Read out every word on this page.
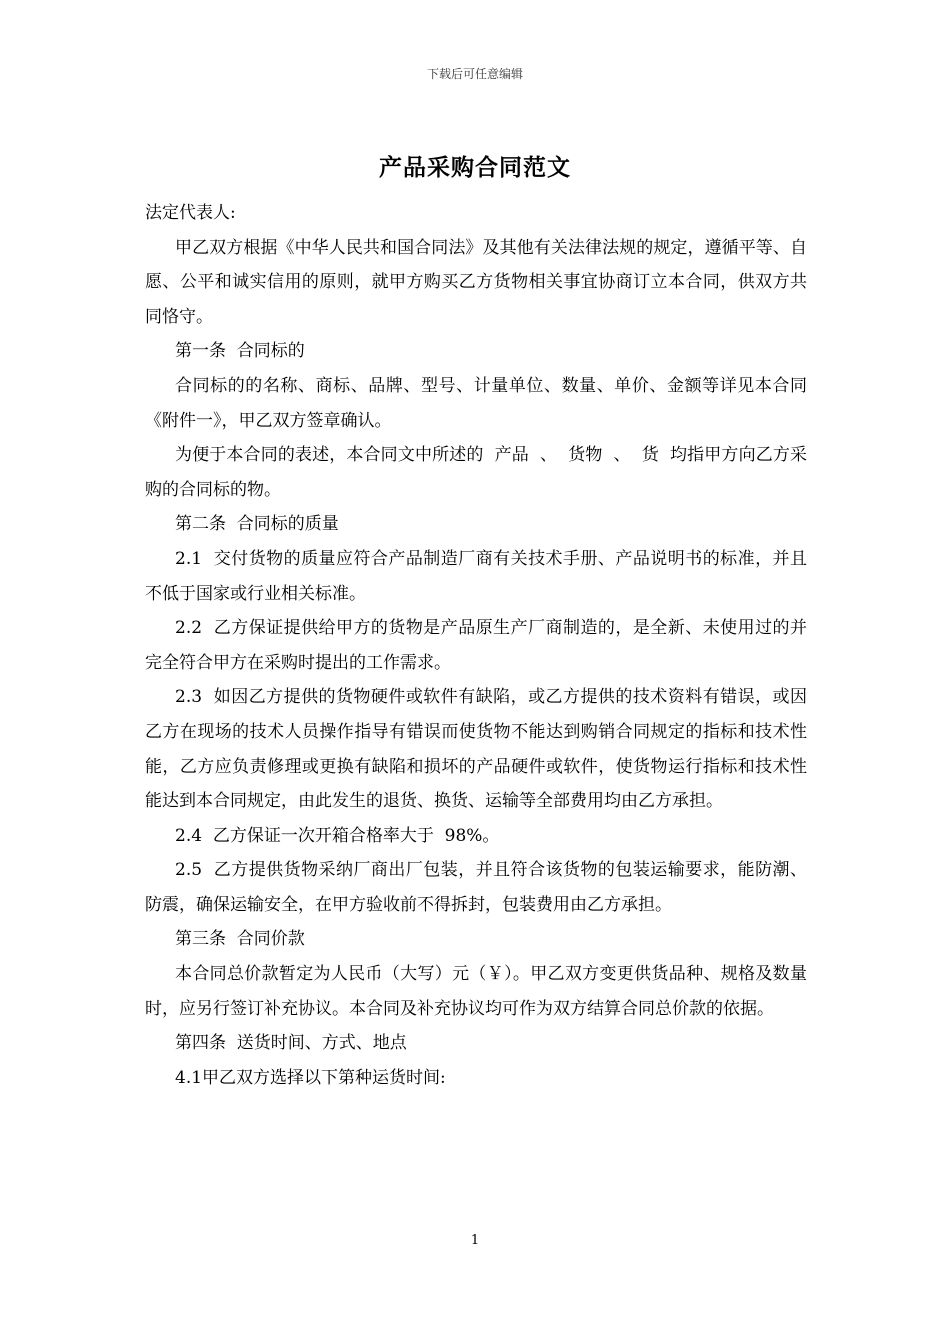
下载后可任意编辑
产品采购合同范文

法定代表人:

甲乙双方根据《中华人民共和国合同法》及其他有关法律法规的规定，遵循平等、自愿、公平和诚实信用的原则，就甲方购买乙方货物相关事宜协商订立本合同，供双方共同恪守。

第一条  合同标的

合同标的的名称、商标、品牌、型号、计量单位、数量、单价、金额等详见本合同《附件一》，甲乙双方签章确认。

为便于本合同的表述，本合同文中所述的  产品  、  货物  、  货  均指甲方向乙方采购的合同标的物。

第二条  合同标的质量

2.1  交付货物的质量应符合产品制造厂商有关技术手册、产品说明书的标准，并且不低于国家或行业相关标准。

2.2  乙方保证提供给甲方的货物是产品原生产厂商制造的，是全新、未使用过的并完全符合甲方在采购时提出的工作需求。

2.3  如因乙方提供的货物硬件或软件有缺陷，或乙方提供的技术资料有错误，或因乙方在现场的技术人员操作指导有错误而使货物不能达到购销合同规定的指标和技术性能，乙方应负责修理或更换有缺陷和损坏的产品硬件或软件，使货物运行指标和技术性能达到本合同规定，由此发生的退货、换货、运输等全部费用均由乙方承担。

2.4  乙方保证一次开箱合格率大于  98%。

2.5  乙方提供货物采纳厂商出厂包装，并且符合该货物的包装运输要求，能防潮、防震，确保运输安全，在甲方验收前不得拆封，包装费用由乙方承担。

第三条  合同价款

本合同总价款暂定为人民币（大写）元（￥）。甲乙双方变更供货品种、规格及数量时，应另行签订补充协议。本合同及补充协议均可作为双方结算合同总价款的依据。

第四条  送货时间、方式、地点

4.1甲乙双方选择以下第种运货时间:

1
